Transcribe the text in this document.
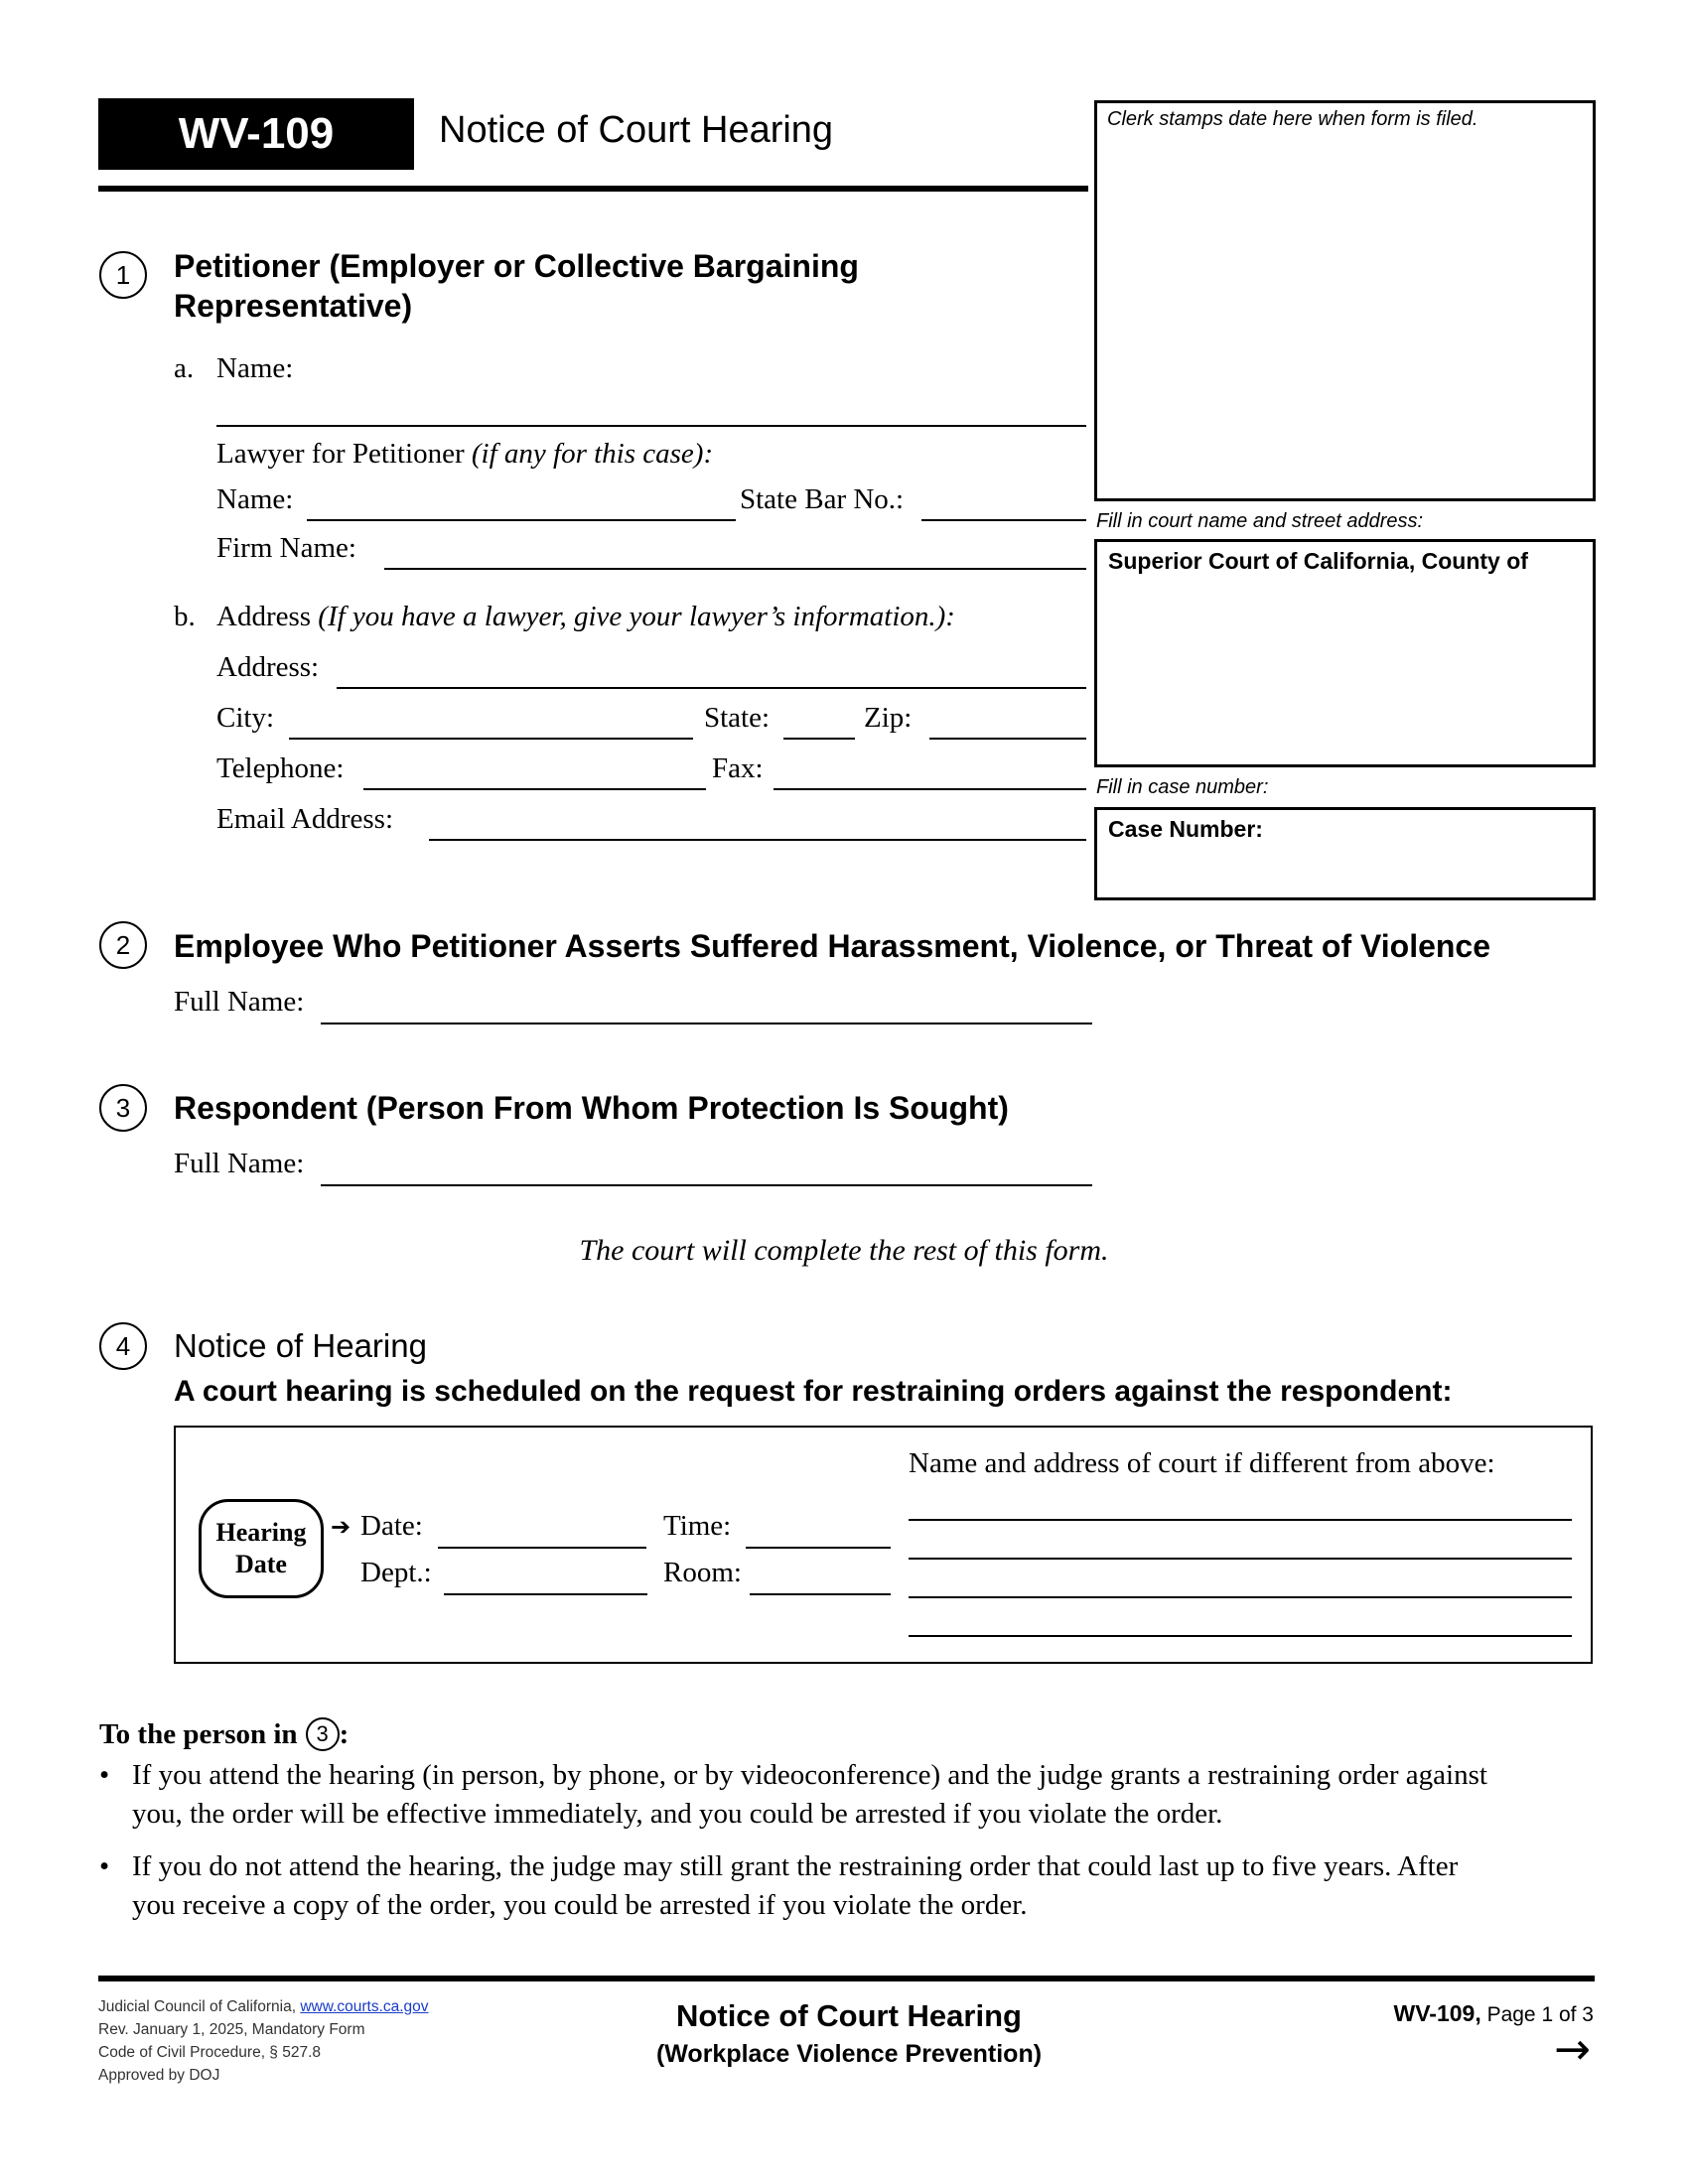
WV-109	Notice of Court Hearing	Clerk stamps date here when form is filed.
Fill in court name and street address:
Superior Court of California, County of
Fill in case number:
Case Number:
1	Petitioner (Employer or Collective Bargaining
Representative)
a. Name:
Lawyer for Petitioner (if any for this case):
Name:	State Bar No.:
Firm Name:
b. Address (If you have a lawyer, give your lawyer’s information.):
Address:
City:	State:	Zip:
Telephone:	Fax:
Email Address:
2	Employee Who Petitioner Asserts Suffered Harassment, Violence, or Threat of Violence
Full Name:
3	Respondent (Person From Whom Protection Is Sought)
Full Name:
The court will complete the rest of this form.
4	Notice of Hearing
A court hearing is scheduled on the request for restraining orders against the respondent:
Hearing
Date
➔ Date:	Time:
Dept.:	Room:
Name and address of court if different from above:
To the person in 3 :
• If you attend the hearing (in person, by phone, or by videoconference) and the judge grants a restraining order against
you, the order will be effective immediately, and you could be arrested if you violate the order.
• If you do not attend the hearing, the judge may still grant the restraining order that could last up to five years. After
you receive a copy of the order, you could be arrested if you violate the order.
Judicial Council of California, www.courts.ca.gov
Rev. January 1, 2025, Mandatory Form
Code of Civil Procedure, § 527.8
Approved by DOJ
Notice of Court Hearing
(Workplace Violence Prevention)
WV-109, Page 1 of 3
→
